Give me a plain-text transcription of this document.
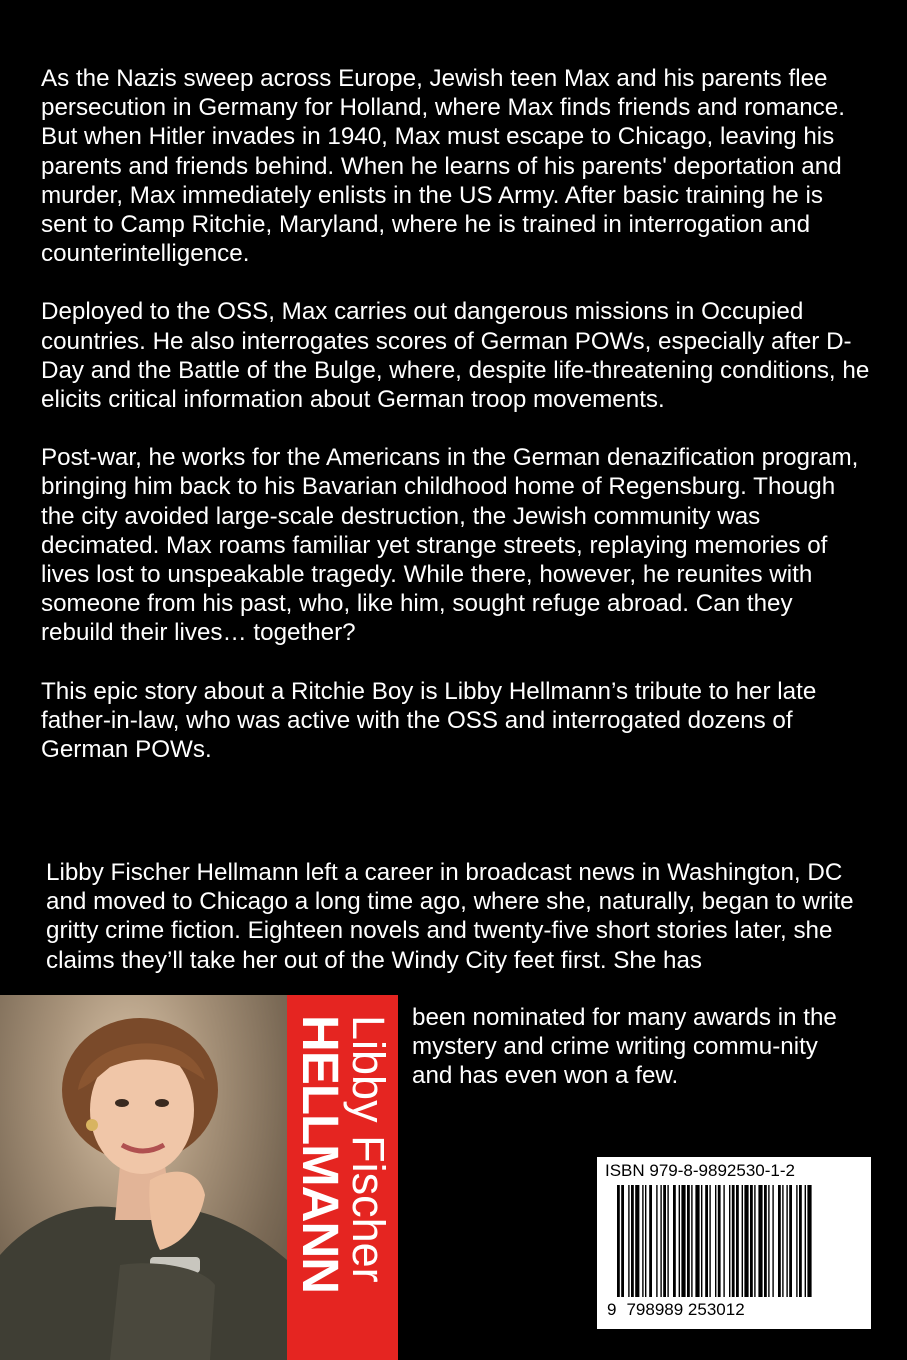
As the Nazis sweep across Europe, Jewish teen Max and his parents flee persecution in Germany for Holland, where Max finds friends and romance. But when Hitler invades in 1940, Max must escape to Chicago, leaving his parents and friends behind. When he learns of his parents' deportation and murder, Max immediately enlists in the US Army. After basic training he is sent to Camp Ritchie, Maryland, where he is trained in interrogation and counterintelligence.

Deployed to the OSS, Max carries out dangerous missions in Occupied countries. He also interrogates scores of German POWs, especially after D-Day and the Battle of the Bulge, where, despite life-threatening conditions, he elicits critical information about German troop movements.

Post-war, he works for the Americans in the German denazification program, bringing him back to his Bavarian childhood home of Regensburg. Though the city avoided large-scale destruction, the Jewish community was decimated. Max roams familiar yet strange streets, replaying memories of lives lost to unspeakable tragedy. While there, however, he reunites with someone from his past, who, like him, sought refuge abroad. Can they rebuild their lives… together?

This epic story about a Ritchie Boy is Libby Hellmann’s tribute to her late father-in-law, who was active with the OSS and interrogated dozens of German POWs.

Libby Fischer Hellmann left a career in broadcast news in Washington, DC and moved to Chicago a long time ago, where she, naturally, began to write gritty crime fiction. Eighteen novels and twenty-five short stories later, she claims they’ll take her out of the Windy City feet first. She has

Libby Fischer
HELLMANN	been nominated for many awards in the mystery and crime writing commu-nity and has even won a few.

ISBN 979-8-9892530-1-2
9 798989 253012
